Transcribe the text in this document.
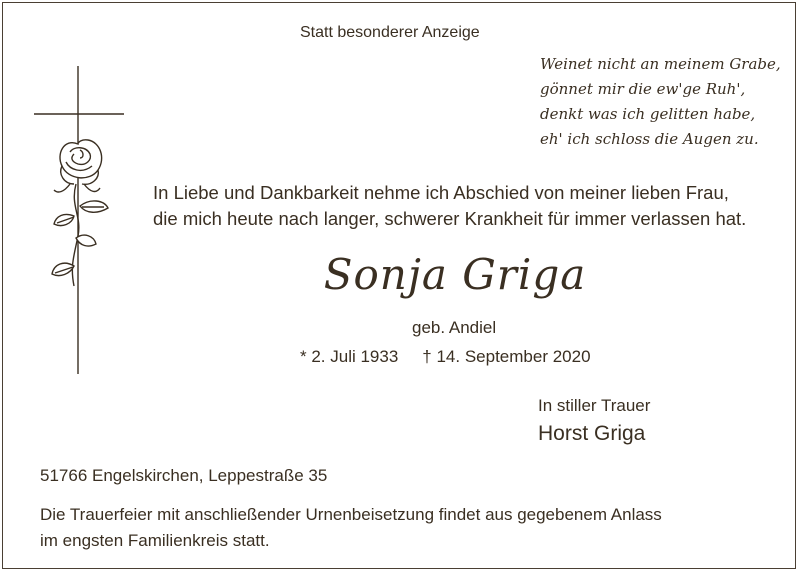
Statt besonderer Anzeige
Weinet nicht an meinem Grabe,
gönnet mir die ew'ge Ruh',
denkt was ich gelitten habe,
eh' ich schloss die Augen zu.
In Liebe und Dankbarkeit nehme ich Abschied von meiner lieben Frau,
die mich heute nach langer, schwerer Krankheit für immer verlassen hat.
Sonja Griga
geb. Andiel
* 2. Juli 1933 † 14. September 2020
In stiller Trauer
Horst Griga
51766 Engelskirchen, Leppestraße 35
Die Trauerfeier mit anschließender Urnenbeisetzung findet aus gegebenem Anlass
im engsten Familienkreis statt.
